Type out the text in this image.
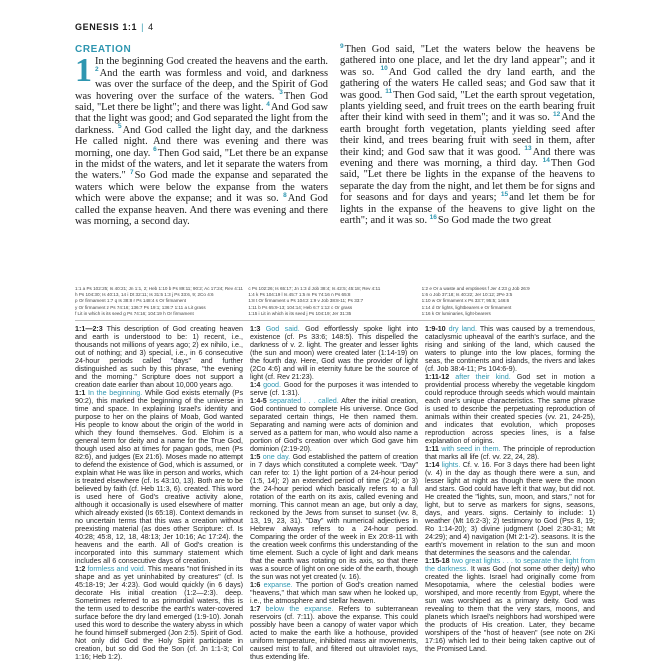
GENESIS 1:1 | 4
CREATION

1 In the beginning God created the heavens and the earth. $^2$And the earth was formless and void, and darkness was over the surface of the deep, and the Spirit of God was hovering over the surface of the waters. $^3$Then God said, "Let there be light"; and there was light. $^4$And God saw that the light was good; and God separated the light from the darkness. $^5$And God called the light day, and the darkness He called night. And there was evening and there was morning, one day. $^6$Then God said, "Let there be an expanse in the midst of the waters, and let it separate the waters from the waters." $^7$So God made the expanse and separated the waters which were below the expanse from the waters which were above the expanse; and it was so. $^8$And God called the expanse heaven. And there was evening and there was morning, a second day.

$^9$Then God said, "Let the waters below the heavens be gathered into one place, and let the dry land appear"; and it was so. $^{10}$And God called the dry land earth, and the gathering of the waters He called seas; and God saw that it was good. $^{11}$Then God said, "Let the earth sprout vegetation, plants yielding seed, and fruit trees on the earth bearing fruit after their kind with seed in them"; and it was so. $^{12}$And the earth brought forth vegetation, plants yielding seed after their kind, and trees bearing fruit with seed in them, after their kind; and God saw that it was good. $^{13}$And there was evening and there was morning, a third day. $^{14}$Then God said, "Let there be lights in the expanse of the heavens to separate the day from the night, and let them be for signs and for seasons and for days and years; $^{15}$and let them be for lights in the expanse of the heavens to give light on the earth"; and it was so. $^{16}$So God made the two great

1:1 a Ps 102:25; Is 40:21; Jn 1:1, 2; Heb 1:10 b Ps 89:11; 90:2; Ac 17:24; Rev 4:11	c Ps 102:26; Is 65:17; Jn 1:3 d Job 38:4; Is 42:5; 45:18; Rev 4:11	1:2 e Or a waste and emptiness f Jer 4:23 g Job 26:9
h Ps 104:30; Is 40:13, 14 i Dt 32:11; Is 31:5 1:3 j Ps 33:6, 9; 2Co 4:6	1:4 k Ps 104:19 l Is 45:7 1:5 m Ps 74:16 n Ps 65:8	1:6 o Job 37:18; Is 40:22; Jer 10:12; 2Pe 3:5
p Or firmament 1:7 q Is 38:8 r Ps 148:4 s Or firmament	1:8 t Or firmament u Ps 104:2 1:9 v Job 38:8-11; Ps 33:7	1:10 w Or firmament x Ps 33:7; 95:5; 146:6
y Or firmament z Ps 74:16; 136:7 Ps 19:1; 136:7 1:11 a Lit grass	1:11 b Ps 65:9-13; 104:14; Heb 6:7 1:12 c Or grass	1:14 d Or lights, lightbearers e Or firmament
f Lit in which is its seed g Ps 74:16; 104:19 h Or firmament	1:15 i Lit in which is its seed j Ps 104:19; Jer 31:35	1:16 k Or luminaries, light-bearers

1:1—2:3 This description of God creating heaven and earth is understood to be: 1) recent, i.e., thousands not millions of years ago; 2) ex nihilo, i.e., out of nothing; and 3) special, i.e., in 6 consecutive 24-hour periods called "days" and further distinguished as such by this phrase, "the evening and the morning." Scripture does not support a creation date earlier than about 10,000 years ago.

1:1 In the beginning. While God exists eternally (Ps 90:2), this marked the beginning of the universe in time and space. In explaining Israel's identity and purpose to her on the plains of Moab, God wanted His people to know about the origin of the world in which they found themselves. God. Elohim is a general term for deity and a name for the True God, though used also at times for pagan gods, men (Ps 82:6), and judges (Ex 21:6). Moses made no attempt to defend the existence of God, which is assumed, or explain what He was like in person and works, which is treated elsewhere (cf. Is 43:10, 13). Both are to be believed by faith (cf. Heb 11:3, 6). created. This word is used here of God's creative activity alone, although it occasionally is used elsewhere of matter which already existed (Is 65:18). Context demands in no uncertain terms that this was a creation without preexisting material (as does other Scripture: cf. Is 40:28; 45:8, 12, 18, 48:13; Jer 10:16; Ac 17:24). the heavens and the earth. All of God's creation is incorporated into this summary statement which includes all 6 consecutive days of creation.

1:2 formless and void. This means "not finished in its shape and as yet uninhabited by creatures" (cf. Is 45:18-19; Jer 4:23). God would quickly (in 6 days) decorate His initial creation (1:2—2:3). deep. Sometimes referred to as primordial waters, this is the term used to describe the earth's water-covered surface before the dry land emerged (1:9-10). Jonah used this word to describe the watery abyss in which he found himself submerged (Jon 2:5). Spirit of God. Not only did God the Holy Spirit participate in creation, but so did God the Son (cf. Jn 1:1-3; Col 1:16; Heb 1:2).

1:3 God said. God effortlessly spoke light into existence (cf. Ps 33:6; 148:5). This dispelled the darkness of v. 2. light. The greater and lesser lights (the sun and moon) were created later (1:14-19) on the fourth day. Here, God was the provider of light (2Co 4:6) and will in eternity future be the source of light (cf. Rev 21:23).

1:4 good. Good for the purposes it was intended to serve (cf. 1:31).

1:4-5 separated . . . called. After the initial creation, God continued to complete His universe. Once God separated certain things, He then named them. Separating and naming were acts of dominion and served as a pattern for man, who would also name a portion of God's creation over which God gave him dominion (2:19-20).

1:5 one day. God established the pattern of creation in 7 days which constituted a complete week. "Day" can refer to: 1) the light portion of a 24-hour period (1:5, 14); 2) an extended period of time (2:4); or 3) the 24-hour period which basically refers to a full rotation of the earth on its axis, called evening and morning. This cannot mean an age, but only a day, reckoned by the Jews from sunset to sunset (vv. 8, 13, 19, 23, 31). "Day" with numerical adjectives in Hebrew always refers to a 24-hour period. Comparing the order of the week in Ex 20:8-11 with the creation week confirms this understanding of the time element. Such a cycle of light and dark means that the earth was rotating on its axis, so that there was a source of light on one side of the earth, though the sun was not yet created (v. 16).

1:6 expanse. The portion of God's creation named "heavens," that which man saw when he looked up, i.e., the atmosphere and stellar heaven.

1:7 below the expanse. Refers to subterranean reservoirs (cf. 7:11). above the expanse. This could possibly have been a canopy of water vapor which acted to make the earth like a hothouse, provided uniform temperature, inhibited mass air movements, caused mist to fall, and filtered out ultraviolet rays, thus extending life.

1:9-10 dry land. This was caused by a tremendous, cataclysmic upheaval of the earth's surface, and the rising and sinking of the land, which caused the waters to plunge into the low places, forming the seas, the continents and islands, the rivers and lakes (cf. Job 38:4-11; Ps 104:6-9).

1:11-12 after their kind. God set in motion a providential process whereby the vegetable kingdom could reproduce through seeds which would maintain each one's unique characteristics. The same phrase is used to describe the perpetuating reproduction of animals within their created species (vv. 21, 24-25), and indicates that evolution, which proposes reproduction across species lines, is a false explanation of origins.

1:11 with seed in them. The principle of reproduction that marks all life (cf. vv. 22, 24, 28).

1:14 lights. Cf. v. 16. For 3 days there had been light (v. 4) in the day as though there were a sun, and lesser light at night as though there were the moon and stars. God could have left it that way, but did not. He created the "lights, sun, moon, and stars," not for light, but to serve as markers for signs, seasons, days, and years. signs. Certainly to include: 1) weather (Mt 16:2-3); 2) testimony to God (Pss 8, 19; Ro 1:14-20); 3) divine judgment (Joel 2:30-31; Mt 24:29); and 4) navigation (Mt 2:1-2). seasons. It is the earth's movement in relation to the sun and moon that determines the seasons and the calendar.

1:15-18 two great lights . . . to separate the light from the darkness. It was God (not some other deity) who created the lights. Israel had originally come from Mesopotamia, where the celestial bodies were worshiped, and more recently from Egypt, where the sun was worshiped as a primary deity. God was revealing to them that the very stars, moons, and planets which Israel's neighbors had worshiped were the products of His creation. Later, they became worshipers of the "host of heaven" (see note on 2Ki 17:16) which led to their being taken captive out of the Promised Land.
